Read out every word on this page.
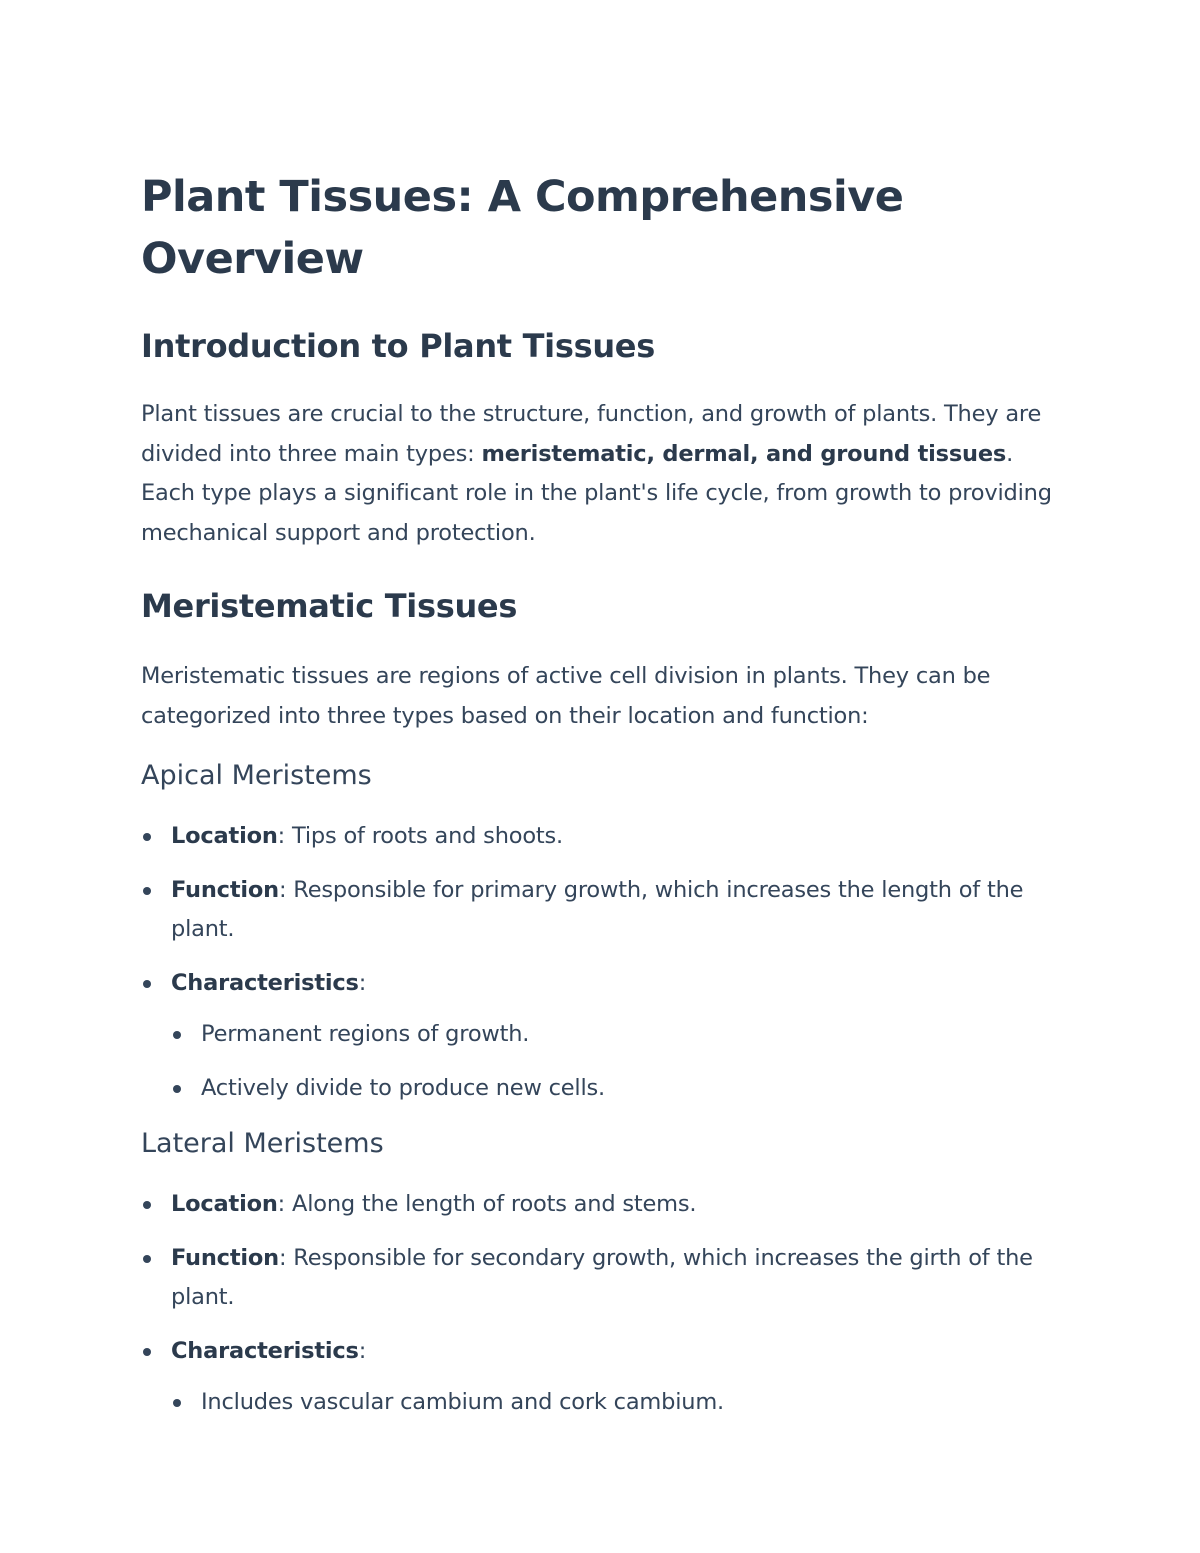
Plant Tissues: A Comprehensive Overview
Introduction to Plant Tissues

Plant tissues are crucial to the structure, function, and growth of plants. They are divided into three main types: meristematic, dermal, and ground tissues. Each type plays a significant role in the plant's life cycle, from growth to providing mechanical support and protection.

Meristematic Tissues

Meristematic tissues are regions of active cell division in plants. They can be categorized into three types based on their location and function:

Apical Meristems
Location: Tips of roots and shoots.
Function: Responsible for primary growth, which increases the length of the plant.
Characteristics:
Permanent regions of growth.
Actively divide to produce new cells.
Lateral Meristems
Location: Along the length of roots and stems.
Function: Responsible for secondary growth, which increases the girth of the plant.
Characteristics:
Includes vascular cambium and cork cambium.
